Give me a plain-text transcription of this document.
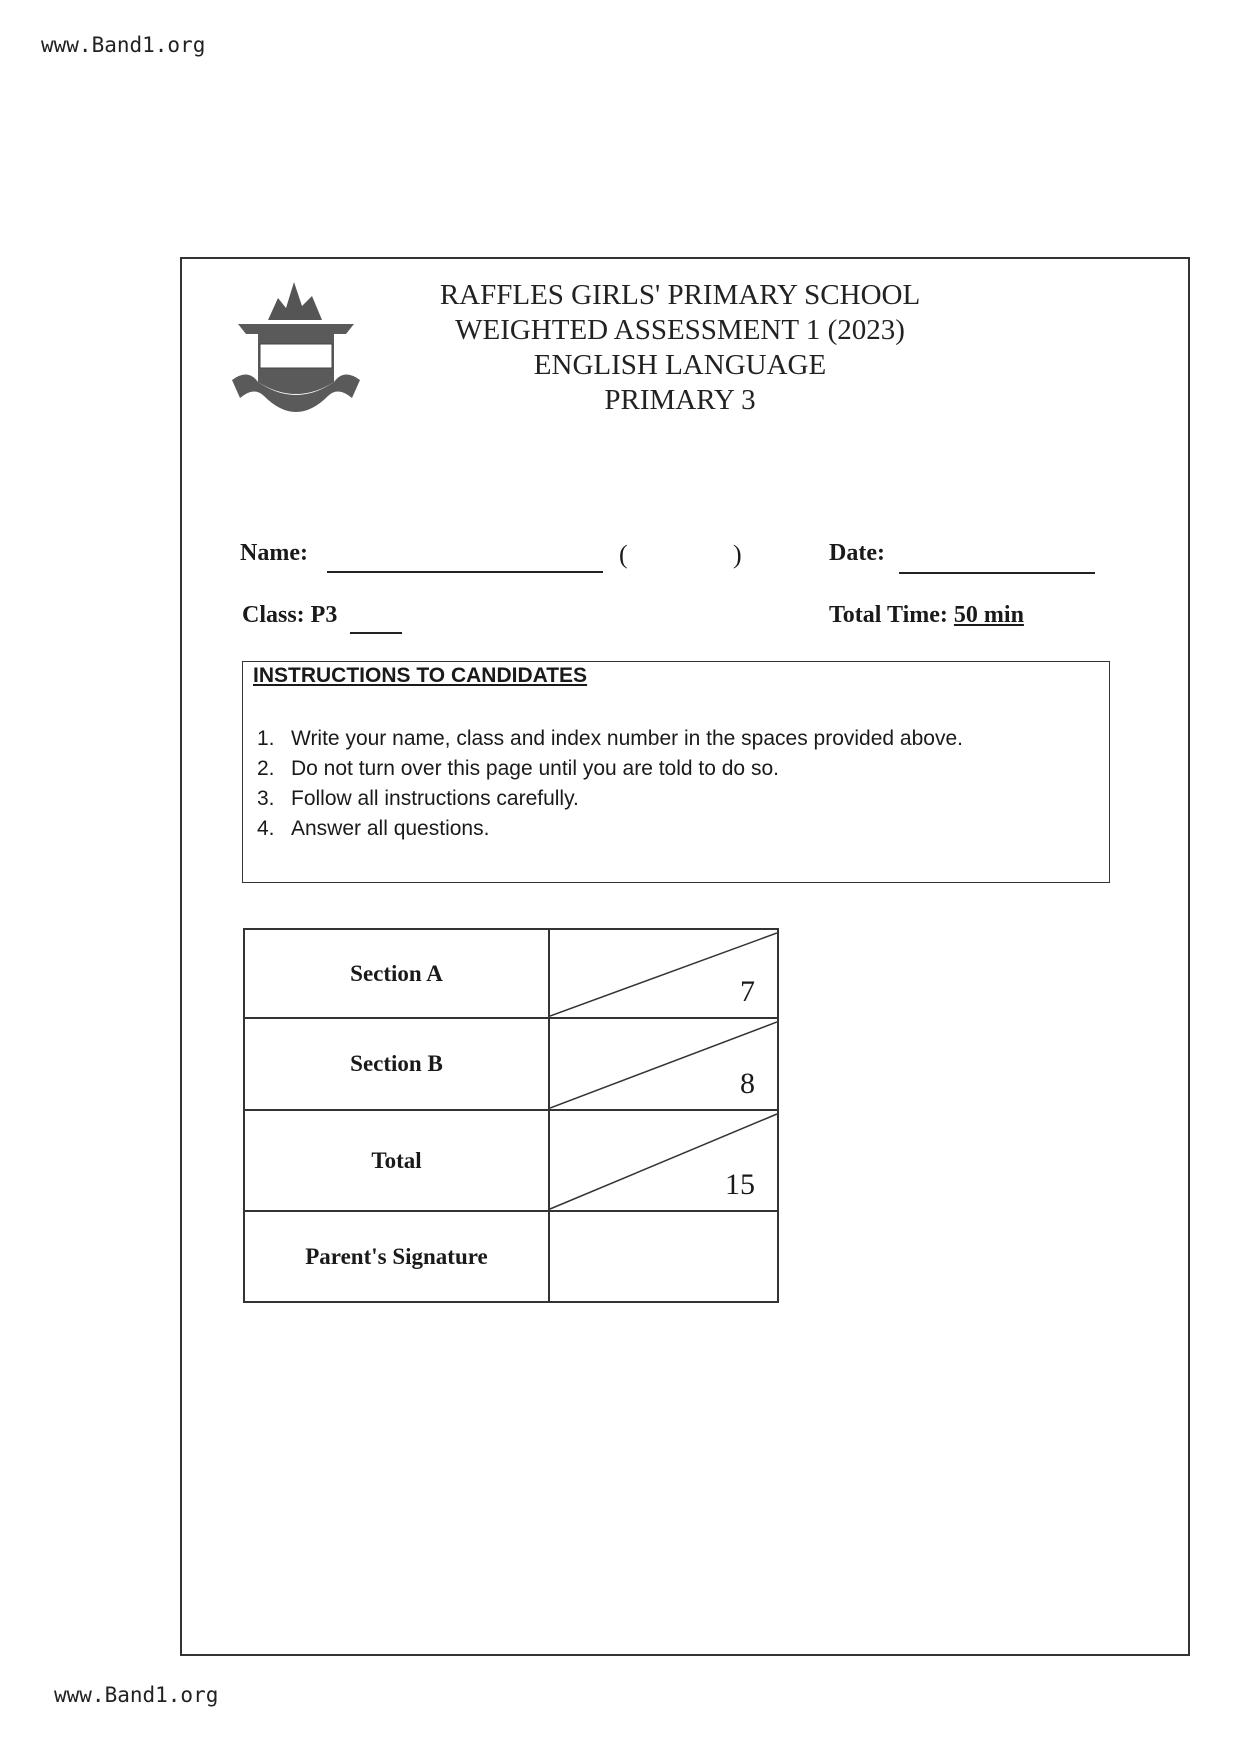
www.Band1.org
RAFFLES GIRLS' PRIMARY SCHOOL
WEIGHTED ASSESSMENT 1 (2023)
ENGLISH LANGUAGE
PRIMARY 3
Name:	(	)	Date:
Class: P3	Total Time: 50 min
INSTRUCTIONS TO CANDIDATES
1. Write your name, class and index number in the spaces provided above.
2. Do not turn over this page until you are told to do so.
3. Follow all instructions carefully.
4. Answer all questions.
Section A	7

Section B	8

Total	15

Parent's Signature	
www.Band1.org
